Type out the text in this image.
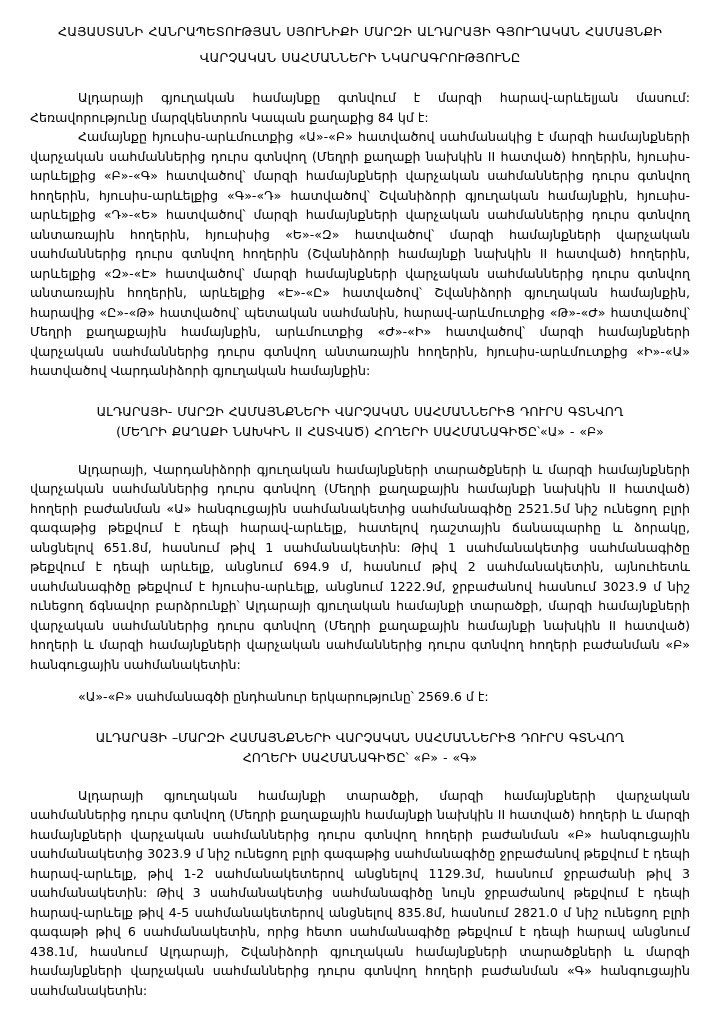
ՀԱՅԱՍՏԱՆԻ ՀԱՆՐԱՊԵՏՈՒԹՅԱՆ ՍՅՈՒՆԻՔԻ ՄԱՐԶԻ ԱԼԴԱՐԱՅԻ ԳՅՈՒՂԱԿԱՆ ՀԱՄԱՅՆՔԻ
ՎԱՐՉԱԿԱՆ ՍԱՀՄԱՆՆԵՐԻ ՆԿԱՐԱԳՐՈՒԹՅՈՒՆԸ

Ալդարայի գյուղական համայնքը գտնվում է մարզի հարավ-արևելյան մասում: Հեռավորությունը մարզկենտրոն Կապան քաղաքից 84 կմ է:

Համայնքը հյուսիս-արևմուտքից «Ա»-«Բ» հատվածով սահմանակից է մարզի համայնքների վարչական սահմաններից դուրս գտնվող (Մեղրի քաղաքի նախկին II հատված) հողերին, հյուսիս-արևելքից «Բ»-«Գ» հատվածով՝ մարզի համայնքների վարչական սահմաններից դուրս գտնվող հողերին, հյուսիս-արևելքից «Գ»-«Դ» հատվածով՝ Շվանիձորի գյուղական համայնքին, հյուսիս-արևելքից «Դ»-«Ե» հատվածով՝ մարզի համայնքների վարչական սահմաններից դուրս գտնվող անտառային հողերին, հյուսիսից «Ե»-«Զ» հատվածով՝ մարզի համայնքների վարչական սահմաններից դուրս գտնվող հողերին (Շվանիձորի համայնքի նախկին II հատված) հողերին, արևելքից «Զ»-«Է» հատվածով՝ մարզի համայնքների վարչական սահմաններից դուրս գտնվող անտառային հողերին, արևելքից «Է»-«Ը» հատվածով՝ Շվանիձորի գյուղական համայնքին, հարավից «Ը»-«Թ» հատվածով՝ պետական սահմանին, հարավ-արևմուտքից «Թ»-«Ժ» հատվածով՝ Մեղրի քաղաքային համայնքին, արևմուտքից «Ժ»-«Ի» հատվածով՝ մարզի համայնքների վարչական սահմաններից դուրս գտնվող անտառային հողերին, հյուսիս-արևմուտքից «Ի»-«Ա» հատվածով Վարդանիձորի գյուղական համայնքին:

ԱԼԴԱՐԱՅԻ- ՄԱՐԶԻ ՀԱՄԱՅՆՔՆԵՐԻ ՎԱՐՉԱԿԱՆ ՍԱՀՄԱՆՆԵՐԻՑ ԴՈՒՐՍ ԳՏՆՎՈՂ
(ՄԵՂՐԻ ՔԱՂԱՔԻ ՆԱԽԿԻՆ II ՀԱՏՎԱԾ) ՀՈՂԵՐԻ ՍԱՀՄԱՆԱԳԻԾԸ՝«Ա» - «Բ»

Ալդարայի, Վարդանիձորի գյուղական համայնքների տարածքների և մարզի համայնքների վարչական սահմաններից դուրս գտնվող (Մեղրի քաղաքային համայնքի նախկին II հատված) հողերի բաժանման «Ա» հանգուցային սահմանակետից սահմանագիծը 2521.5մ նիշ ունեցող բլրի գագաթից թեքվում է դեպի հարավ-արևելք, հատելով դաշտային ճանապարհը և ձորակը, անցնելով 651.8մ, հասնում թիվ 1 սահմանակետին: Թիվ 1 սահմանակետից սահմանագիծը թեքվում է դեպի արևելք, անցնում 694.9 մ, հասնում թիվ 2 սահմանակետին, այնուհետև սահմանագիծը թեքվում է հյուսիս-արևելք, անցնում 1222.9մ, ջրբաժանով հասնում 3023.9 մ նիշ ունեցող ճգնավոր բարձրունքի՝ Ալդարայի գյուղական համայնքի տարածքի, մարզի համայնքների վարչական սահմաններից դուրս գտնվող (Մեղրի քաղաքային համայնքի նախկին II հատված) հողերի և մարզի համայնքների վարչական սահմաններից դուրս գտնվող հողերի բաժանման «Բ» հանգուցային սահմանակետին:

«Ա»-«Բ» սահմանագծի ընդհանուր երկարությունը՝ 2569.6 մ է:

ԱԼԴԱՐԱՅԻ –ՄԱՐԶԻ ՀԱՄԱՅՆՔՆԵՐԻ ՎԱՐՉԱԿԱՆ ՍԱՀՄԱՆՆԵՐԻՑ ԴՈՒՐՍ ԳՏՆՎՈՂ
ՀՈՂԵՐԻ ՍԱՀՄԱՆԱԳԻԾԸ՝ «Բ» - «Գ»

Ալդարայի գյուղական համայնքի տարածքի, մարզի համայնքների վարչական սահմաններից դուրս գտնվող (Մեղրի քաղաքային համայնքի նախկին II հատված) հողերի և մարզի համայնքների վարչական սահմաններից դուրս գտնվող հողերի բաժանման «Բ» հանգուցային սահմանակետից 3023.9 մ նիշ ունեցող բլրի գագաթից սահմանագիծը ջրբաժանով թեքվում է դեպի հարավ-արևելք, թիվ 1-2 սահմանակետերով անցնելով 1129.3մ, հասնում ջրբաժանի թիվ 3 սահմանակետին: Թիվ 3 սահմանակետից սահմանագիծը նույն ջրբաժանով թեքվում է դեպի հարավ-արևելք թիվ 4-5 սահմանակետերով անցնելով 835.8մ, հասնում 2821.0 մ նիշ ունեցող բլրի գագաթի թիվ 6 սահմանակետին, որից հետո սահմանագիծը թեքվում է դեպի հարավ անցնում 438.1մ, հասնում Ալդարայի, Շվանիձորի գյուղական համայնքների տարածքների և մարզի համայնքների վարչական սահմաններից դուրս գտնվող հողերի բաժանման «Գ» հանգուցային սահմանակետին:
